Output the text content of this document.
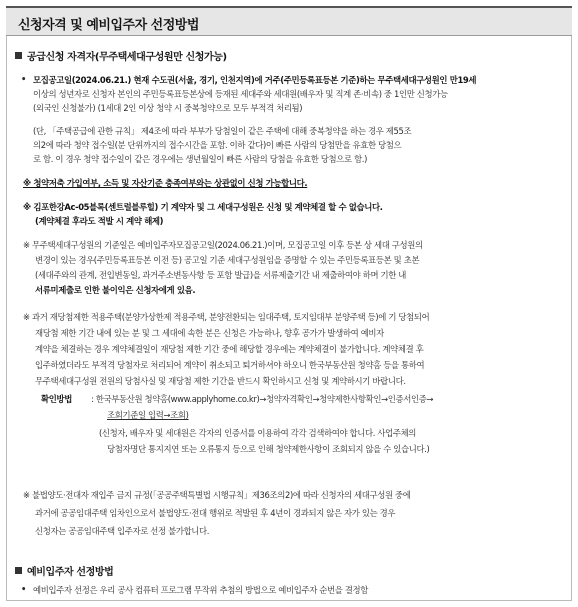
신청자격 및 예비입주자 선정방법
공급신청 자격자(무주택세대구성원만 신청가능)
• 모집공고일(2024.06.21.) 현재 수도권(서울, 경기, 인천지역)에 거주(주민등록표등본 기준)하는 무주택세대구성원인 만19세
이상의 성년자로 신청자 본인의 주민등록표등본상에 등재된 세대주와 세대원(배우자 및 직계 존·비속) 중 1인만 신청가능
(외국인 신청불가) (1세대 2인 이상 청약 시 중복청약으로 모두 부적격 처리됨)
(단, 「주택공급에 관한 규칙」 제4조에 따라 부부가 당첨일이 같은 주택에 대해 중복청약을 하는 경우 제55조
의2에 따라 청약 접수일(분 단위까지의 접수시간을 포함. 이하 같다)이 빠른 사람의 당첨만을 유효한 당첨으
로 함. 이 경우 청약 접수일이 같은 경우에는 생년월일이 빠른 사람의 당첨을 유효한 당첨으로 함.)
※ 청약저축 가입여부, 소득 및 자산기준 충족여부와는 상관없이 신청 가능합니다.
※ 김포한강Ac-05블록(센트럴블루힐) 기 계약자 및 그 세대구성원은 신청 및 계약체결 할 수 없습니다.
(계약체결 후라도 적발 시 계약 해제)
※ 무주택세대구성원의 기준일은 예비입주자모집공고일(2024.06.21.)이며, 모집공고일 이후 등본 상 세대 구성원의
변경이 있는 경우(주민등록표등본 이전 등) 공고일 기준 세대구성원임을 증명할 수 있는 주민등록표등본 및 초본
(세대주와의 관계, 전입변동일, 과거주소변동사항 등 포함 발급)을 서류제출기간 내 제출하여야 하며 기한 내
서류미제출로 인한 불이익은 신청자에게 있음.
※ 과거 재당첨제한 적용주택(분양가상한제 적용주택, 분양전환되는 임대주택, 토지임대부 분양주택 등)에 기 당첨되어
재당첨 제한 기간 내에 있는 분 및 그 세대에 속한 분은 신청은 가능하나, 향후 공가가 발생하여 예비자
계약을 체결하는 경우 계약체결일이 재당첨 제한 기간 중에 해당할 경우에는 계약체결이 불가합니다. 계약체결 후
입주하였더라도 부적격 당첨자로 처리되어 계약이 취소되고 퇴거하셔야 하오니 한국부동산원 청약홈 등을 통하여
무주택세대구성원 전원의 당첨사실 및 재당첨 제한 기간을 반드시 확인하시고 신청 및 계약하시기 바랍니다.
확인방법	: 한국부동산원 청약홈(www.applyhome.co.kr)→청약자격확인→청약제한사항확인→인증서인증→
조회기준일 입력→조회)
(신청자, 배우자 및 세대원은 각자의 인증서를 이용하여 각각 검색하여야 합니다. 사업주체의
당첨자명단 통지지연 또는 오류통지 등으로 인해 청약제한사항이 조회되지 않을 수 있습니다.)
※ 불법양도·전대자 재입주 금지 규정(「공공주택특별법 시행규칙」제36조의2)에 따라 신청자의 세대구성원 중에
과거에 공공임대주택 임차인으로서 불법양도·전대 행위로 적발된 후 4년이 경과되지 않은 자가 있는 경우
신청자는 공공임대주택 입주자로 선정 불가합니다.
예비입주자 선정방법
• 예비입주자 선정은 우리 공사 컴퓨터 프로그램 무작위 추첨의 방법으로 예비입주자 순번을 결정함
